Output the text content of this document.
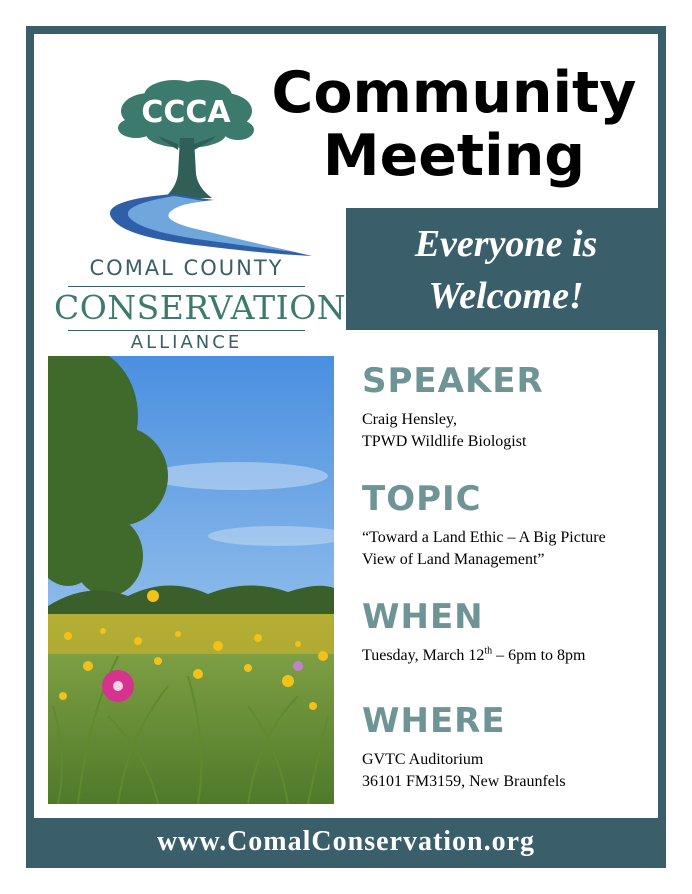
CCCA
COMAL COUNTY
CONSERVATION
ALLIANCE
Community
Meeting
Everyone is
Welcome!
SPEAKER

Craig Hensley,
TPWD Wildlife Biologist

TOPIC

“Toward a Land Ethic – A Big Picture
View of Land Management”

WHEN

Tuesday, March 12th – 6pm to 8pm

WHERE

GVTC Auditorium
36101 FM3159, New Braunfels

www.ComalConservation.org
